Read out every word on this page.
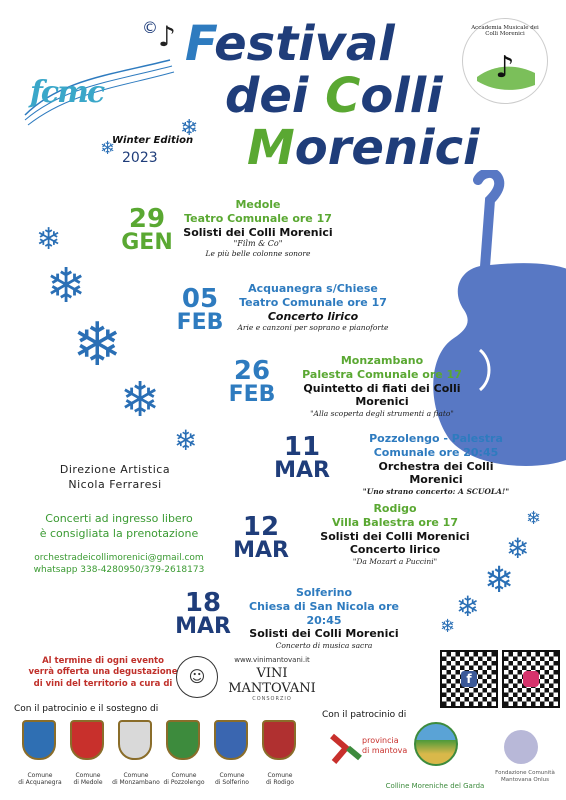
© ♪
fcmc
Winter Edition
2023
❄
❄
Festival
dei Colli
Morenici
♪
Accademia Musicale dei Colli Morenici
29
GEN
Medole
Teatro Comunale ore 17
Solisti dei Colli Morenici
"Film & Co"
Le più belle colonne sonore
05
FEB
Acquanegra s/Chiese
Teatro Comunale ore 17
Concerto lirico
Arie e canzoni per soprano e pianoforte
26
FEB
Monzambano
Palestra Comunale ore 17
Quintetto di fiati dei Colli Morenici
"Alla scoperta degli strumenti a fiato"
11
MAR
Pozzolengo - Palestra
Comunale ore 20:45
Orchestra dei Colli Morenici
"Uno strano concerto: A SCUOLA!"
Direzione Artistica
Nicola Ferraresi
Concerti ad ingresso libero
è consigliata la prenotazione
orchestradeicollimorenici@gmail.com
whatsapp 338-4280950/379-2618173
12
MAR
Rodigo
Villa Balestra ore 17
Solisti dei Colli Morenici
Concerto lirico
"Da Mozart a Puccini"
18
MAR
Solferino
Chiesa di San Nicola ore 20:45
Solisti dei Colli Morenici
Concerto di musica sacra
❄
❄
❄
❄
❄
❄
❄
❄
❄
❄
Al termine di ogni evento
verrà offerta una degustazione
di vini del territorio a cura di	☺
www.vinimantovani.it
VINI MANTOVANI
CONSORZIO
f
Con il patrocinio e il sostegno di
Con il patrocinio di
Comune
di Acquanegra
Comune
di Medole
Comune
di Monzambano
Comune
di Pozzolengo
Comune
di Solferino
Comune
di Rodigo
provincia
di mantova
Colline Moreniche del Garda
Fondazione Comunità
Mantovana Onlus
